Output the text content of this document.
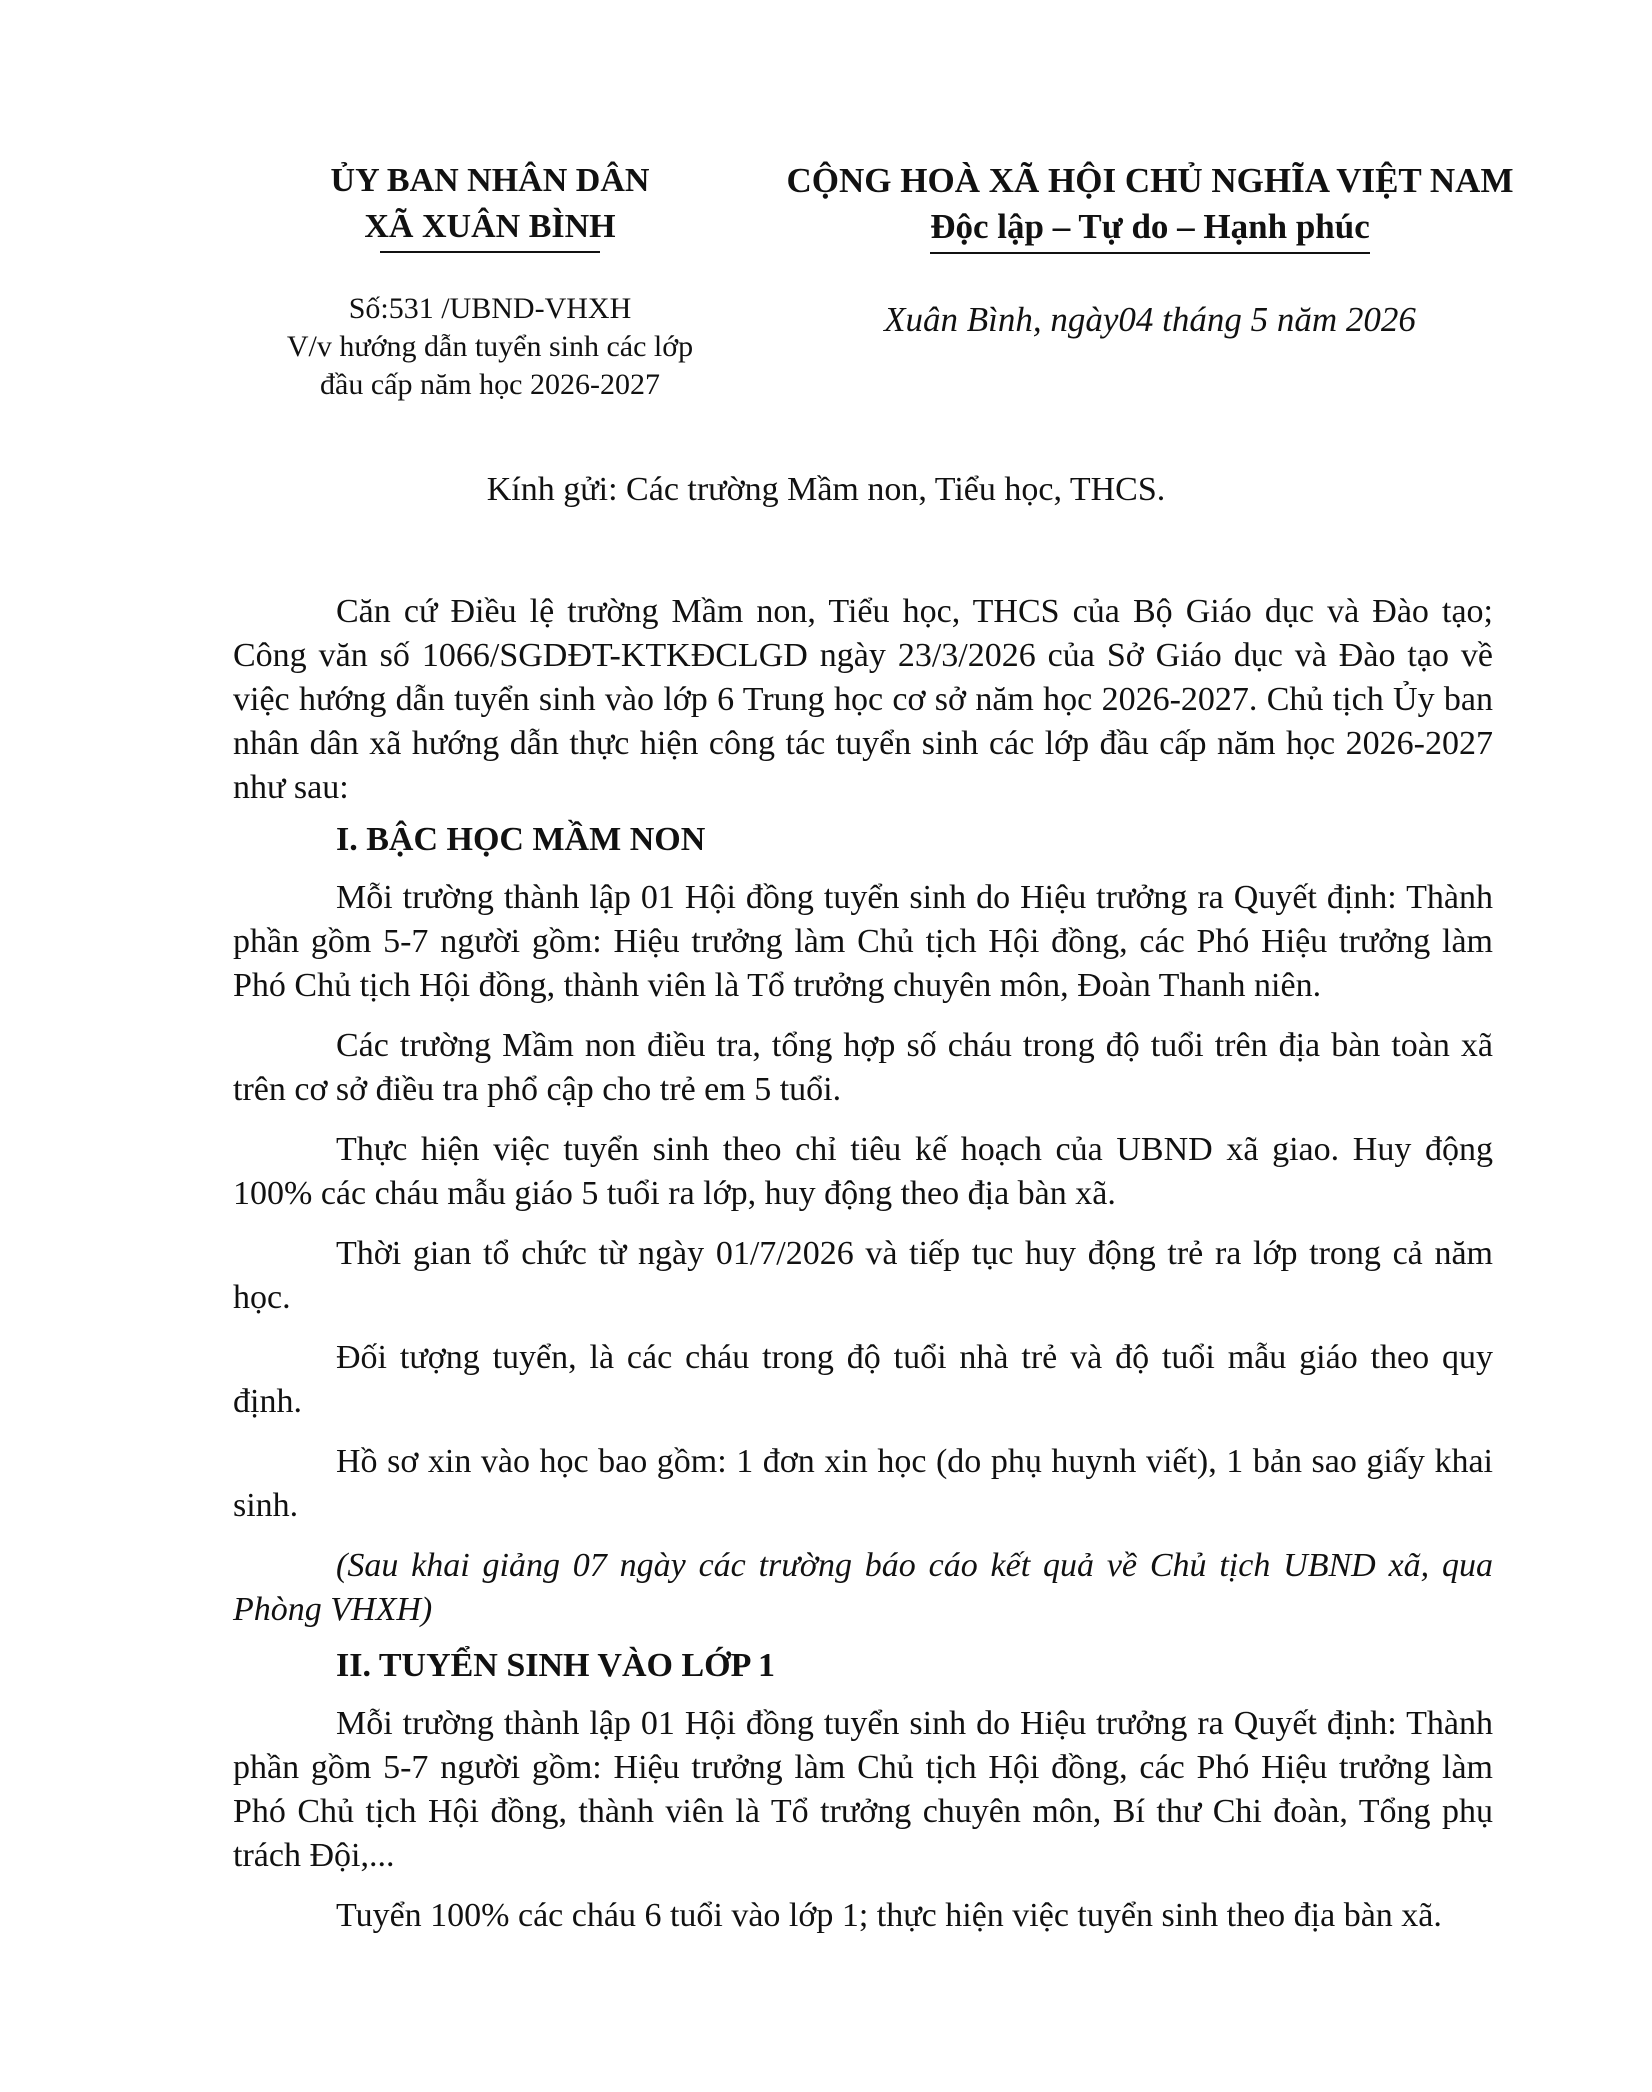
ỦY BAN NHÂN DÂN
XÃ XUÂN BÌNH
Số:531 /UBND-VHXH
V/v hướng dẫn tuyển sinh các lớp
đầu cấp năm học 2026-2027
CỘNG HOÀ XÃ HỘI CHỦ NGHĨA VIỆT NAM
Độc lập – Tự do – Hạnh phúc
Xuân Bình, ngày04 tháng 5 năm 2026
Kính gửi: Các trường Mầm non, Tiểu học, THCS.

Căn cứ Điều lệ trường Mầm non, Tiểu học, THCS của Bộ Giáo dục và Đào tạo; Công văn số 1066/SGDĐT-KTKĐCLGD ngày 23/3/2026 của Sở Giáo dục và Đào tạo về việc hướng dẫn tuyển sinh vào lớp 6 Trung học cơ sở năm học 2026-2027. Chủ tịch Ủy ban nhân dân xã hướng dẫn thực hiện công tác tuyển sinh các lớp đầu cấp năm học 2026-2027 như sau:

I. BẬC HỌC MẦM NON

Mỗi trường thành lập 01 Hội đồng tuyển sinh do Hiệu trưởng ra Quyết định: Thành phần gồm 5-7 người gồm: Hiệu trưởng làm Chủ tịch Hội đồng, các Phó Hiệu trưởng làm Phó Chủ tịch Hội đồng, thành viên là Tổ trưởng chuyên môn, Đoàn Thanh niên.

Các trường Mầm non điều tra, tổng hợp số cháu trong độ tuổi trên địa bàn toàn xã trên cơ sở điều tra phổ cập cho trẻ em 5 tuổi.

Thực hiện việc tuyển sinh theo chỉ tiêu kế hoạch của UBND xã giao. Huy động 100% các cháu mẫu giáo 5 tuổi ra lớp, huy động theo địa bàn xã.

Thời gian tổ chức từ ngày 01/7/2026 và tiếp tục huy động trẻ ra lớp trong cả năm học.

Đối tượng tuyển, là các cháu trong độ tuổi nhà trẻ và độ tuổi mẫu giáo theo quy định.

Hồ sơ xin vào học bao gồm: 1 đơn xin học (do phụ huynh viết), 1 bản sao giấy khai sinh.

(Sau khai giảng 07 ngày các trường báo cáo kết quả về Chủ tịch UBND xã, qua Phòng VHXH)

II. TUYỂN SINH VÀO LỚP 1

Mỗi trường thành lập 01 Hội đồng tuyển sinh do Hiệu trưởng ra Quyết định: Thành phần gồm 5-7 người gồm: Hiệu trưởng làm Chủ tịch Hội đồng, các Phó Hiệu trưởng làm Phó Chủ tịch Hội đồng, thành viên là Tổ trưởng chuyên môn, Bí thư Chi đoàn, Tổng phụ trách Đội,...

Tuyển 100% các cháu 6 tuổi vào lớp 1; thực hiện việc tuyển sinh theo địa bàn xã.
